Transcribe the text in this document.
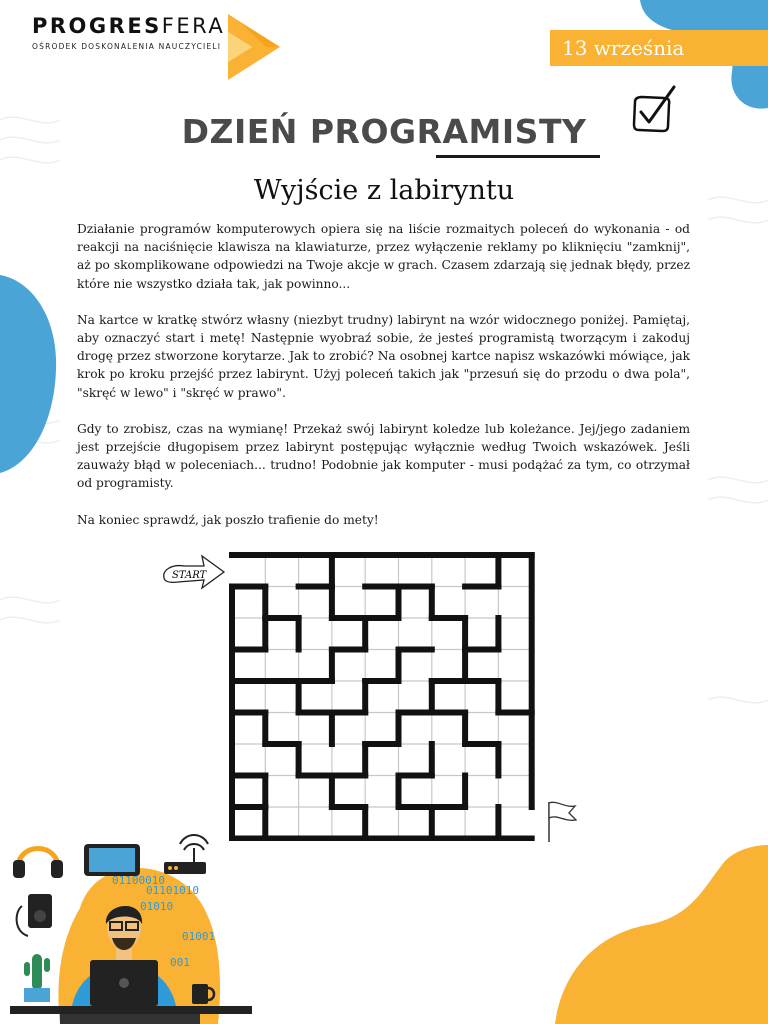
PROGRESFERA
OŚRODEK DOSKONALENIA NAUCZYCIELI	13 września
DZIEŃ PROGRAMISTY
Wyjście z labiryntu

Działanie programów komputerowych opiera się na liście rozmaitych poleceń do wykonania - od reakcji na naciśnięcie klawisza na klawiaturze, przez wyłączenie reklamy po kliknięciu "zamknij", aż po skomplikowane odpowiedzi na Twoje akcje w grach. Czasem zdarzają się jednak błędy, przez które nie wszystko działa tak, jak powinno...

Na kartce w kratkę stwórz własny (niezbyt trudny) labirynt na wzór widocznego poniżej. Pamiętaj, aby oznaczyć start i metę! Następnie wyobraź sobie, że jesteś programistą tworzącym i zakoduj drogę przez stworzone korytarze. Jak to zrobić? Na osobnej kartce napisz wskazówki mówiące, jak krok po kroku przejść przez labirynt. Użyj poleceń takich jak "przesuń się do przodu o dwa pola", "skręć w lewo" i "skręć w prawo".

Gdy to zrobisz, czas na wymianę! Przekaż swój labirynt koledze lub koleżance. Jej/jego zadaniem jest przejście długopisem przez labirynt postępując wyłącznie według Twoich wskazówek. Jeśli zauważy błąd w poleceniach... trudno! Podobnie jak komputer - musi podążać za tym, co otrzymał od programisty.

Na koniec sprawdź, jak poszło trafienie do mety!

START
01100010
01101010
01010
01001
001
